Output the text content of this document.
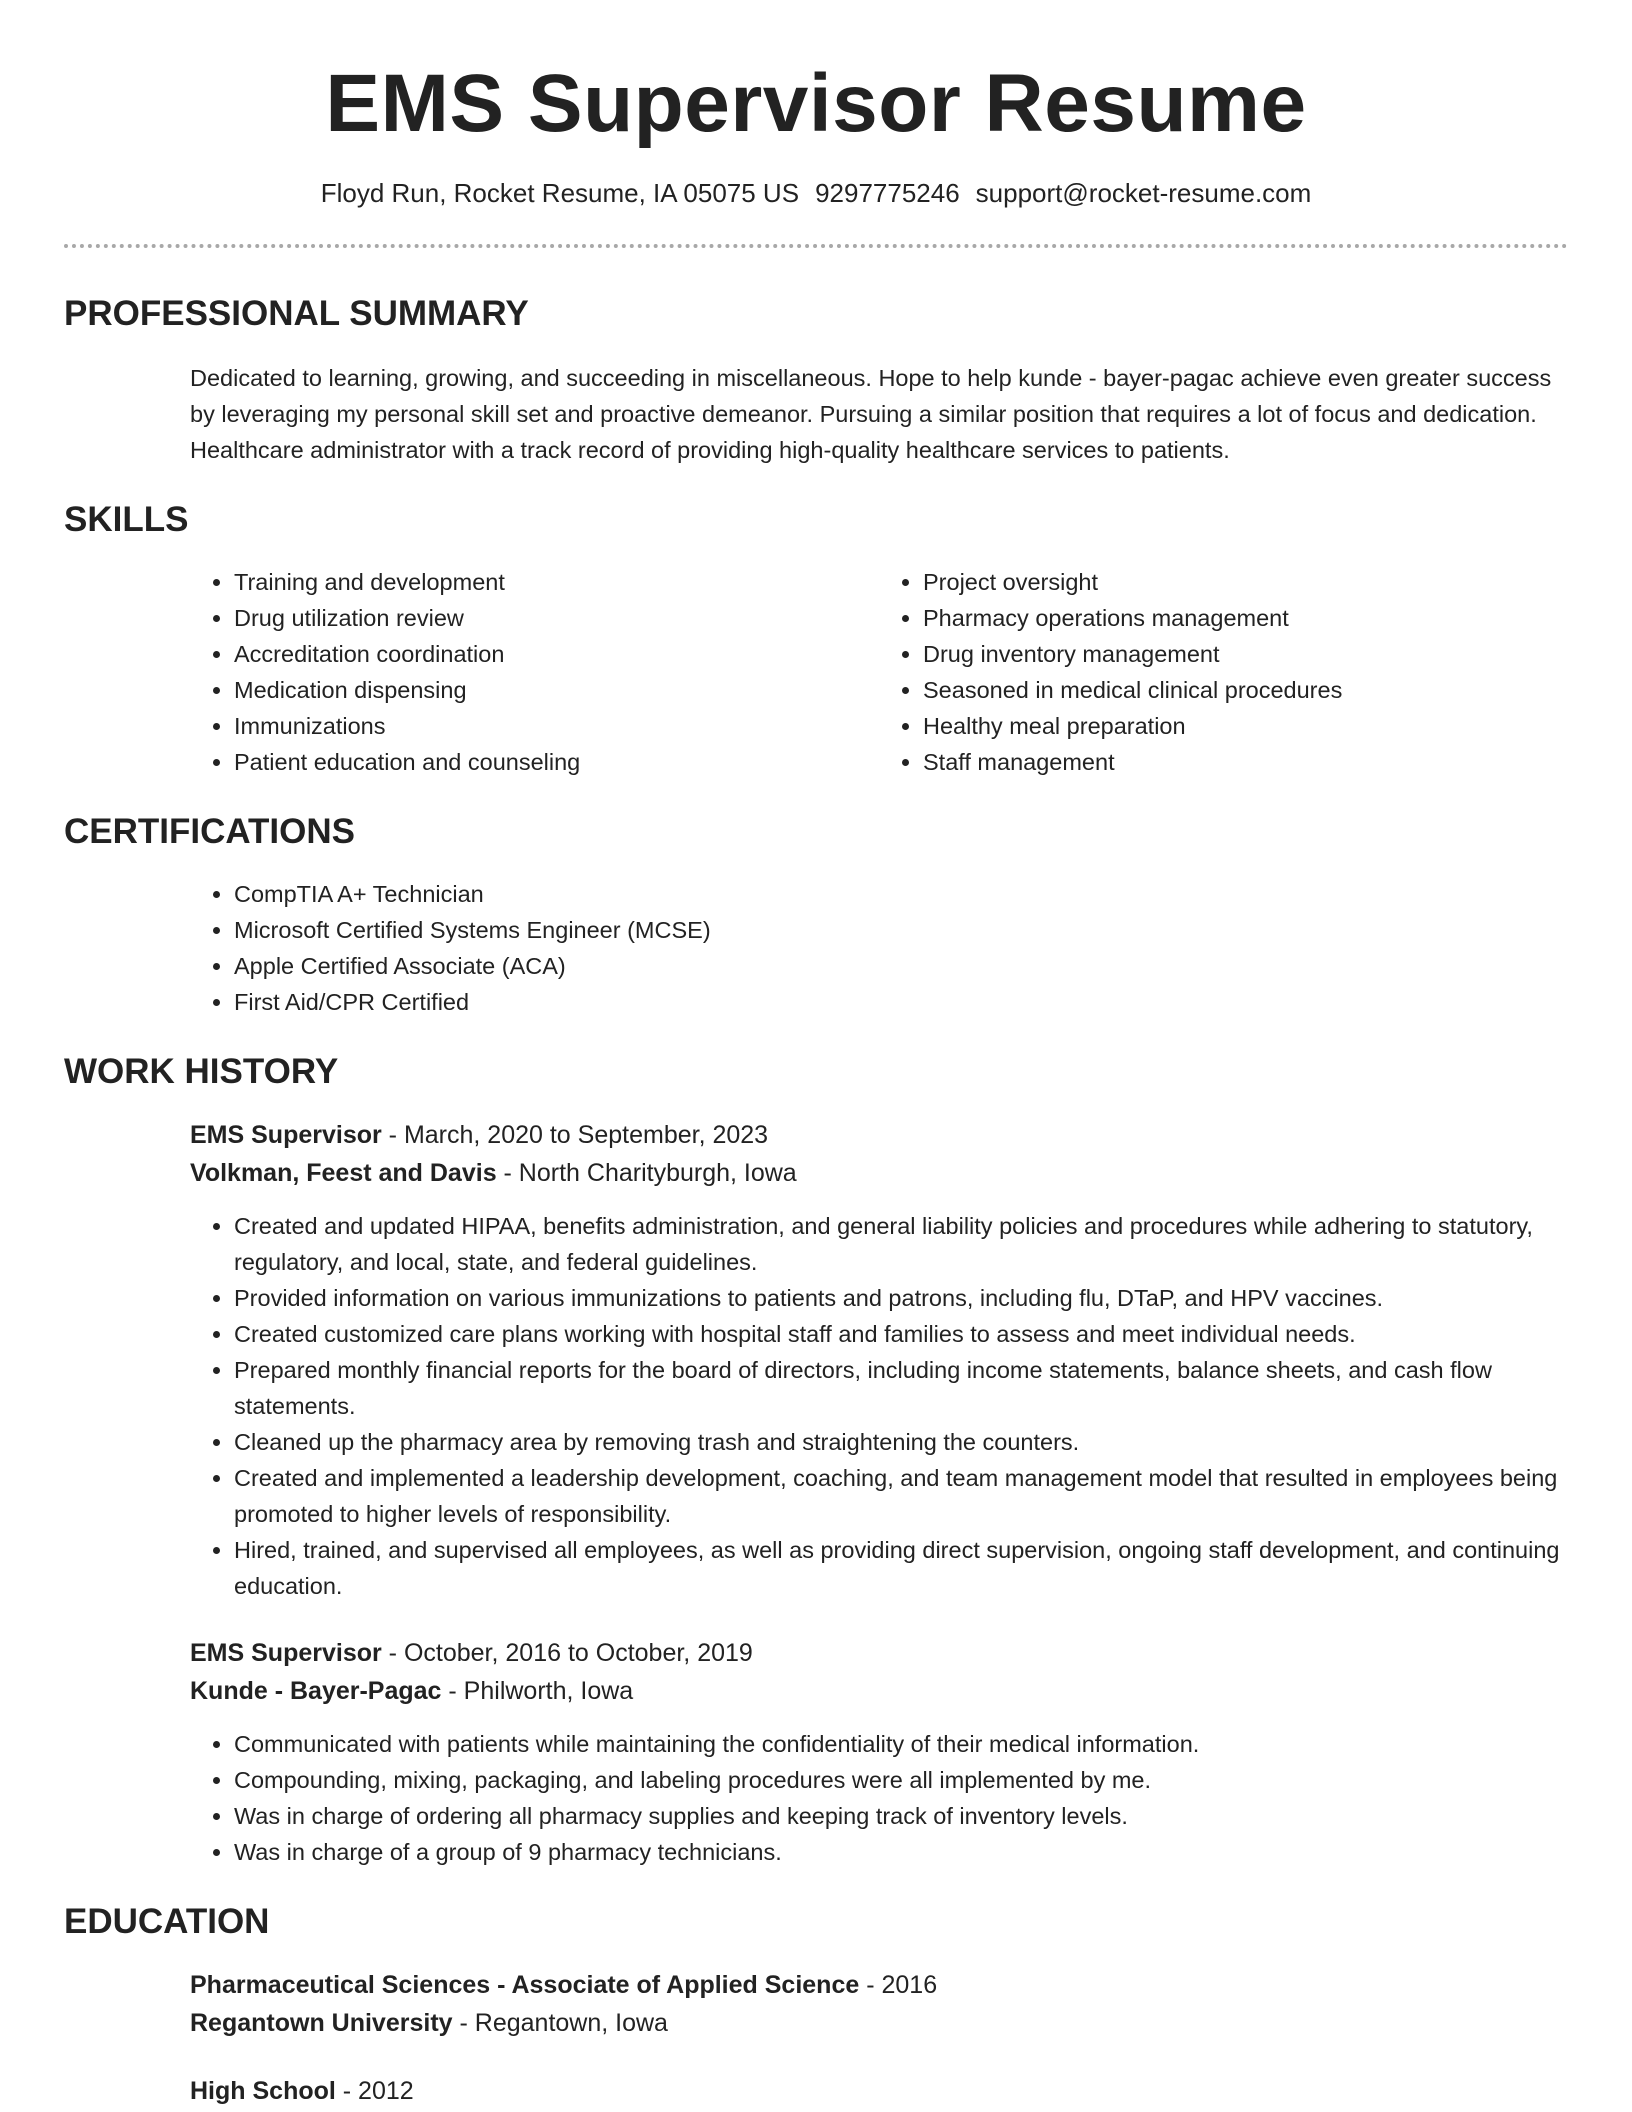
EMS Supervisor Resume
Floyd Run, Rocket Resume, IA 05075 US 9297775246 support@rocket-resume.com
PROFESSIONAL SUMMARY

Dedicated to learning, growing, and succeeding in miscellaneous. Hope to help kunde - bayer-pagac achieve even greater success by leveraging my personal skill set and proactive demeanor. Pursuing a similar position that requires a lot of focus and dedication. Healthcare administrator with a track record of providing high-quality healthcare services to patients.

SKILLS
• Training and development
• Drug utilization review
• Accreditation coordination
• Medication dispensing
• Immunizations
• Patient education and counseling
• Project oversight
• Pharmacy operations management
• Drug inventory management
• Seasoned in medical clinical procedures
• Healthy meal preparation
• Staff management
CERTIFICATIONS
• CompTIA A+ Technician
• Microsoft Certified Systems Engineer (MCSE)
• Apple Certified Associate (ACA)
• First Aid/CPR Certified
WORK HISTORY
EMS Supervisor - March, 2020 to September, 2023
Volkman, Feest and Davis - North Charityburgh, Iowa
• Created and updated HIPAA, benefits administration, and general liability policies and procedures while adhering to statutory, regulatory, and local, state, and federal guidelines.
• Provided information on various immunizations to patients and patrons, including flu, DTaP, and HPV vaccines.
• Created customized care plans working with hospital staff and families to assess and meet individual needs.
• Prepared monthly financial reports for the board of directors, including income statements, balance sheets, and cash flow statements.
• Cleaned up the pharmacy area by removing trash and straightening the counters.
• Created and implemented a leadership development, coaching, and team management model that resulted in employees being promoted to higher levels of responsibility.
• Hired, trained, and supervised all employees, as well as providing direct supervision, ongoing staff development, and continuing education.
EMS Supervisor - October, 2016 to October, 2019
Kunde - Bayer-Pagac - Philworth, Iowa
• Communicated with patients while maintaining the confidentiality of their medical information.
• Compounding, mixing, packaging, and labeling procedures were all implemented by me.
• Was in charge of ordering all pharmacy supplies and keeping track of inventory levels.
• Was in charge of a group of 9 pharmacy technicians.
EDUCATION
Pharmaceutical Sciences - Associate of Applied Science - 2016
Regantown University - Regantown, Iowa
High School - 2012
